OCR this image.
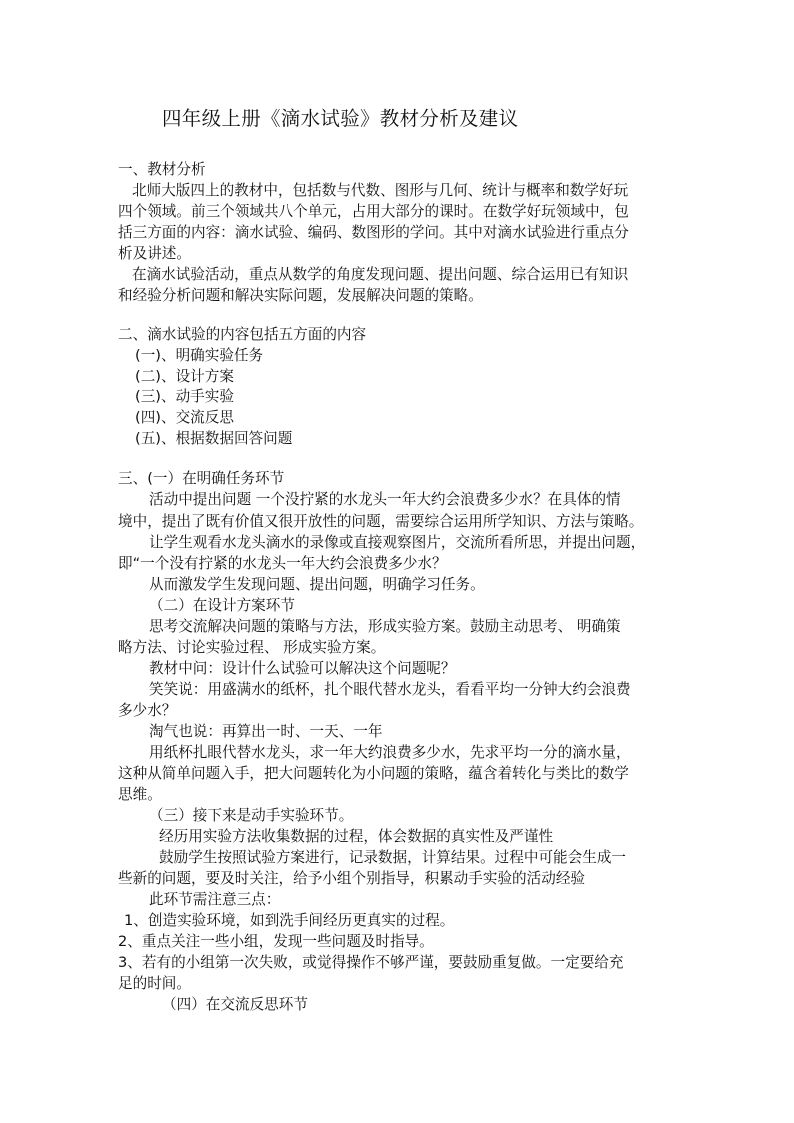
四年级上册《滴水试验》教材分析及建议
一、教材分析
北师大版四上的教材中，包括数与代数、图形与几何、统计与概率和数学好玩
四个领域。前三个领域共八个单元，占用大部分的课时。在数学好玩领域中，包
括三方面的内容：滴水试验、编码、数图形的学问。其中对滴水试验进行重点分
析及讲述。
在滴水试验活动，重点从数学的角度发现问题、提出问题、综合运用已有知识
和经验分析问题和解决实际问题，发展解决问题的策略。
二、滴水试验的内容包括五方面的内容
(一)、明确实验任务
(二)、设计方案
(三)、动手实验
(四)、交流反思
(五)、根据数据回答问题
三、(一）在明确任务环节
活动中提出问题 一个没拧紧的水龙头一年大约会浪费多少水？在具体的情
境中，提出了既有价值又很开放性的问题，需要综合运用所学知识、方法与策略。
让学生观看水龙头滴水的录像或直接观察图片，交流所看所思，并提出问题，
即“一个没有拧紧的水龙头一年大约会浪费多少水？
从而激发学生发现问题、提出问题，明确学习任务。
（二）在设计方案环节
思考交流解决问题的策略与方法，形成实验方案。鼓励主动思考、 明确策
略方法、讨论实验过程、 形成实验方案。
教材中问：设计什么试验可以解决这个问题呢？
笑笑说：用盛满水的纸杯，扎个眼代替水龙头，看看平均一分钟大约会浪费
多少水？
淘气也说：再算出一时、一天、一年
用纸杯扎眼代替水龙头，求一年大约浪费多少水，先求平均一分的滴水量，
这种从简单问题入手，把大问题转化为小问题的策略，蕴含着转化与类比的数学
思维。
（三）接下来是动手实验环节。
经历用实验方法收集数据的过程，体会数据的真实性及严谨性
鼓励学生按照试验方案进行，记录数据，计算结果。过程中可能会生成一
些新的问题，要及时关注，给予小组个别指导，积累动手实验的活动经验
此环节需注意三点：
1、创造实验环境，如到洗手间经历更真实的过程。
2、重点关注一些小组，发现一些问题及时指导。
3、若有的小组第一次失败，或觉得操作不够严谨，要鼓励重复做。一定要给充
足的时间。
（四）在交流反思环节
